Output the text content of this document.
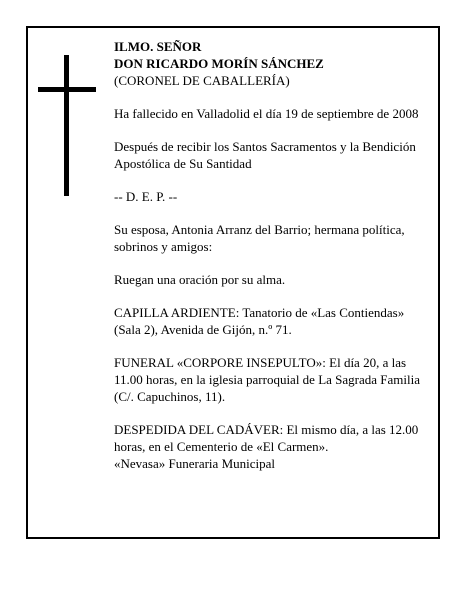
ILMO. SEÑOR

DON RICARDO MORÍN SÁNCHEZ

(CORONEL DE CABALLERÍA)

Ha fallecido en Valladolid el día 19 de septiembre de 2008

Después de recibir los Santos Sacramentos y la Bendición Apostólica de Su Santidad

-- D. E. P. --

Su esposa, Antonia Arranz del Barrio; hermana política, sobrinos y amigos:

Ruegan una oración por su alma.

CAPILLA ARDIENTE: Tanatorio de «Las Contiendas» (Sala 2), Avenida de Gijón, n.º 71.

FUNERAL «CORPORE INSEPULTO»: El día 20, a las 11.00 horas, en la iglesia parroquial de La Sagrada Familia (C/. Capuchinos, 11).

DESPEDIDA DEL CADÁVER: El mismo día, a las 12.00 horas, en el Cementerio de «El Carmen».

«Nevasa» Funeraria Municipal
